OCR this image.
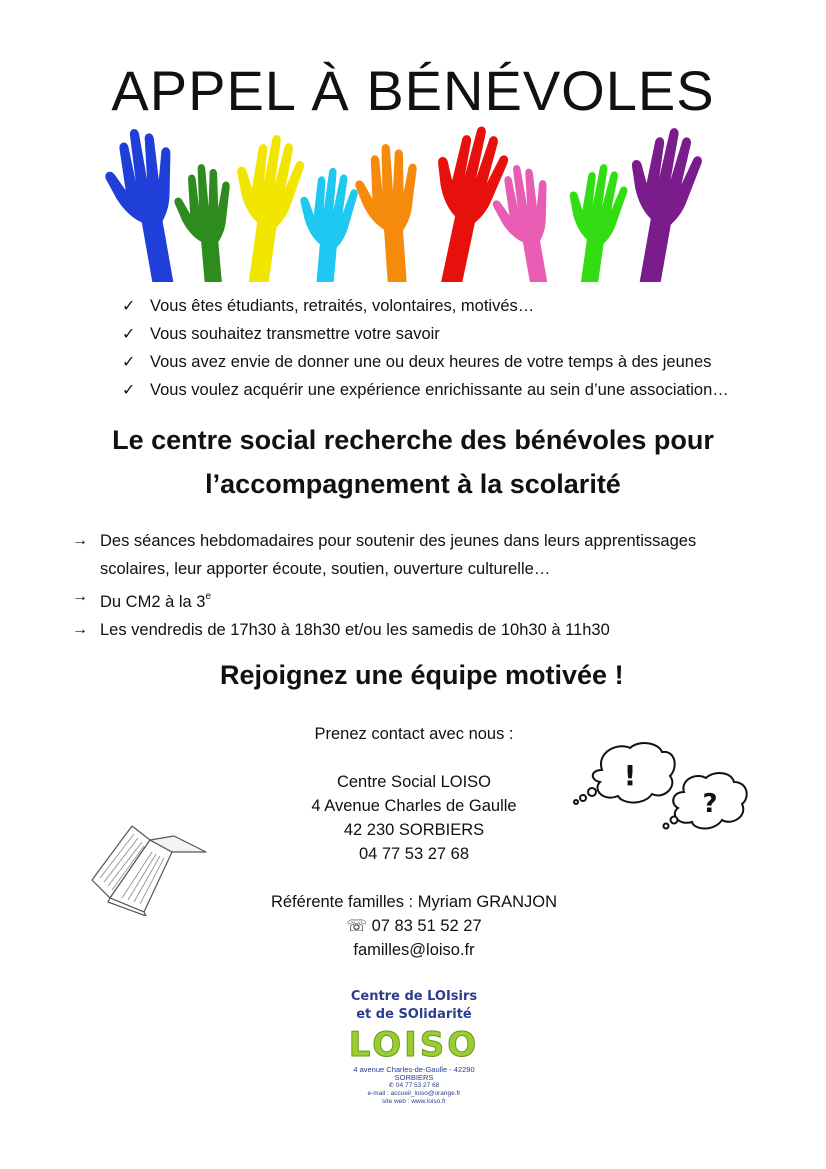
APPEL À BÉNÉVOLES
✓ Vous êtes étudiants, retraités, volontaires, motivés…
✓ Vous souhaitez transmettre votre savoir
✓ Vous avez envie de donner une ou deux heures de votre temps à des jeunes
✓ Vous voulez acquérir une expérience enrichissante au sein d’une association…
Le centre social recherche des bénévoles pour
l’accompagnement à la scolarité
→ Des séances hebdomadaires pour soutenir des jeunes dans leurs apprentissages
scolaires, leur apporter écoute, soutien, ouverture culturelle…
→ Du CM2 à la $3^e$
→ Les vendredis de 17h30 à 18h30 et/ou les samedis de 10h30 à 11h30
Rejoignez une équipe motivée !
Prenez contact avec nous :
Centre Social LOISO
4 Avenue Charles de Gaulle
42 230 SORBIERS
04 77 53 27 68
Référente familles : Myriam GRANJON
☏ 07 83 51 52 27
familles@loiso.fr
!
?
Centre de LOIsirs
et de SOlidarité
LOISO
4 avenue Charles-de-Gaulle - 42290 SORBIERS
✆ 04 77 53 27 68
e-mail : accueil_loiso@orange.fr
site web : www.loiso.fr
